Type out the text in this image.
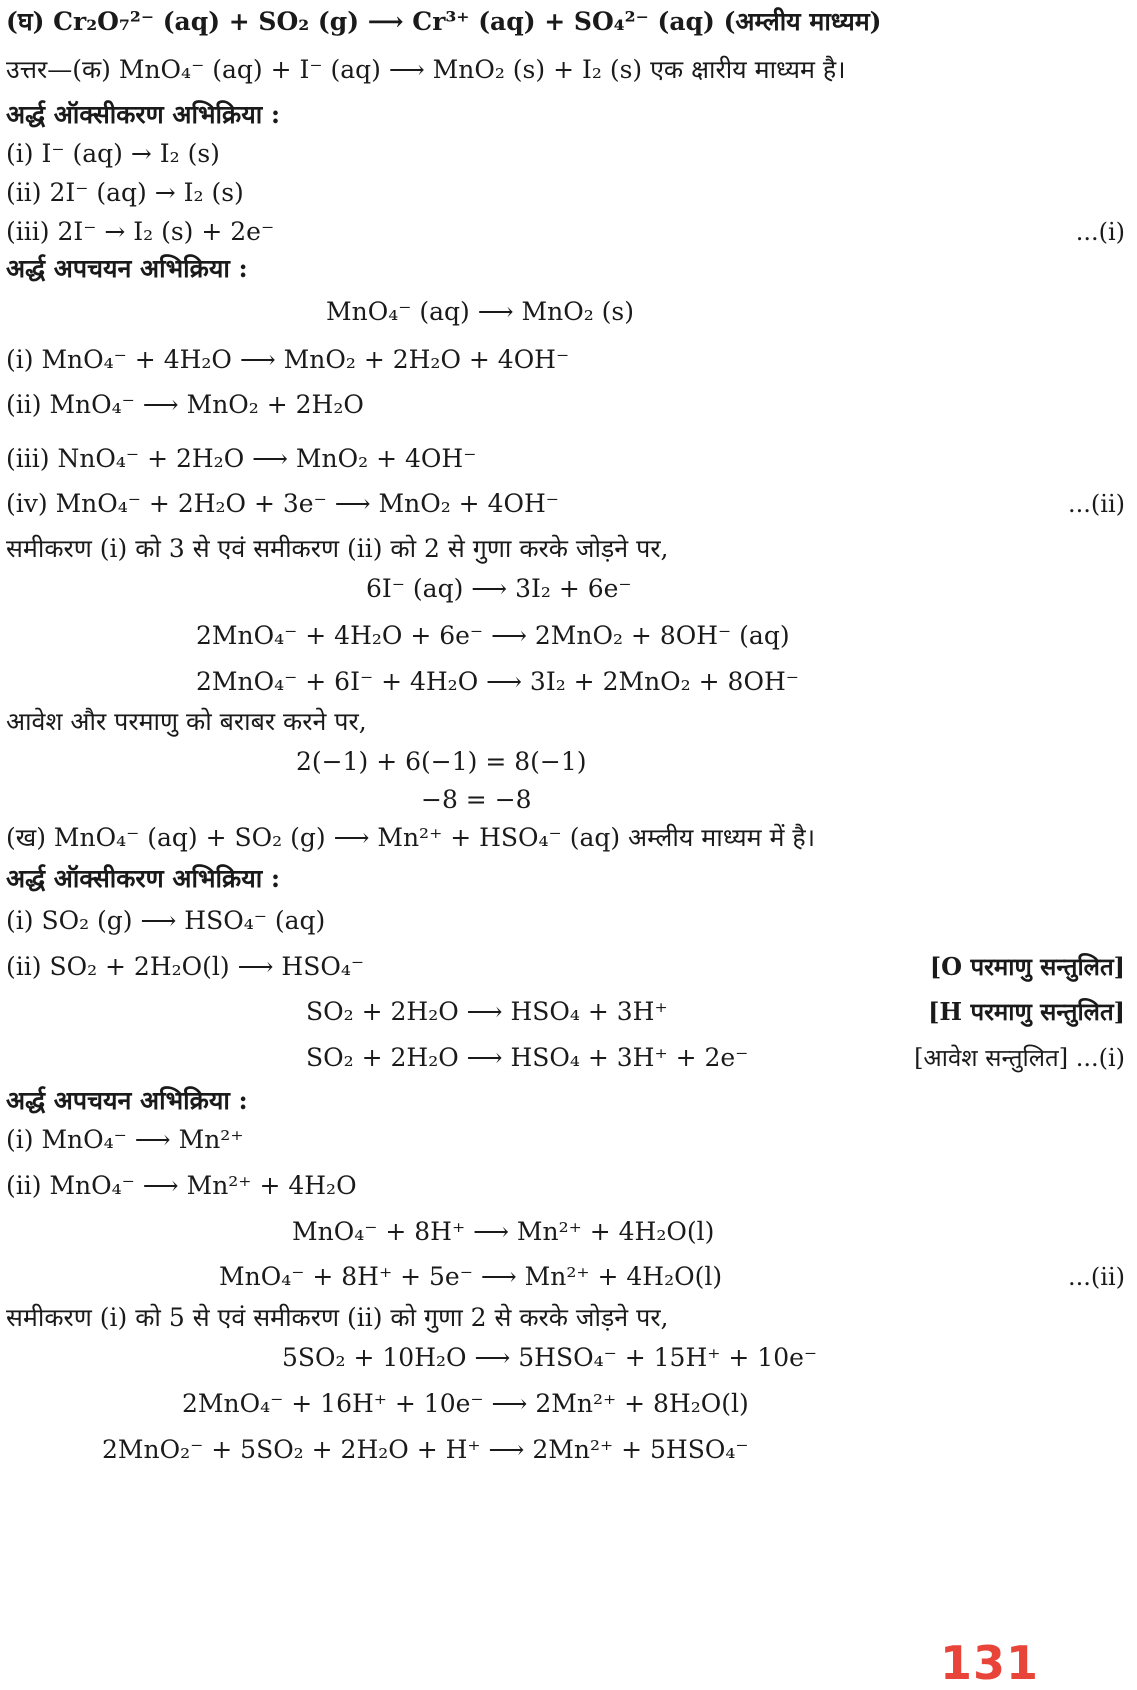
(घ) Cr₂O₇²⁻ (aq) + SO₂ (g) ⟶ Cr³⁺ (aq) + SO₄²⁻ (aq) (अम्लीय माध्यम)
उत्तर—(क) MnO₄⁻ (aq) + I⁻ (aq) ⟶ MnO₂ (s) + I₂ (s) एक क्षारीय माध्यम है।
अर्द्ध ऑक्सीकरण अभिक्रिया :
(i) I⁻ (aq) → I₂ (s)
(ii) 2I⁻ (aq) → I₂ (s)
(iii) 2I⁻ → I₂ (s) + 2e⁻	...(i)
अर्द्ध अपचयन अभिक्रिया :
MnO₄⁻ (aq) ⟶ MnO₂ (s)
(i) MnO₄⁻ + 4H₂O ⟶ MnO₂ + 2H₂O + 4OH⁻
(ii) MnO₄⁻ ⟶ MnO₂ + 2H₂O
(iii) NnO₄⁻ + 2H₂O ⟶ MnO₂ + 4OH⁻
(iv) MnO₄⁻ + 2H₂O + 3e⁻ ⟶ MnO₂ + 4OH⁻	...(ii)
समीकरण (i) को 3 से एवं समीकरण (ii) को 2 से गुणा करके जोड़ने पर,
6I⁻ (aq) ⟶ 3I₂ + 6e⁻
2MnO₄⁻ + 4H₂O + 6e⁻ ⟶ 2MnO₂ + 8OH⁻ (aq)
2MnO₄⁻ + 6I⁻ + 4H₂O ⟶ 3I₂ + 2MnO₂ + 8OH⁻
आवेश और परमाणु को बराबर करने पर,
2(−1) + 6(−1) = 8(−1)
−8 = −8
(ख) MnO₄⁻ (aq) + SO₂ (g) ⟶ Mn²⁺ + HSO₄⁻ (aq) अम्लीय माध्यम में है।
अर्द्ध ऑक्सीकरण अभिक्रिया :
(i) SO₂ (g) ⟶ HSO₄⁻ (aq)
(ii) SO₂ + 2H₂O(l) ⟶ HSO₄⁻	[O परमाणु सन्तुलित]
SO₂ + 2H₂O ⟶ HSO₄ + 3H⁺	[H परमाणु सन्तुलित]
SO₂ + 2H₂O ⟶ HSO₄ + 3H⁺ + 2e⁻	[आवेश सन्तुलित] ...(i)
अर्द्ध अपचयन अभिक्रिया :
(i) MnO₄⁻ ⟶ Mn²⁺
(ii) MnO₄⁻ ⟶ Mn²⁺ + 4H₂O
MnO₄⁻ + 8H⁺ ⟶ Mn²⁺ + 4H₂O(l)
MnO₄⁻ + 8H⁺ + 5e⁻ ⟶ Mn²⁺ + 4H₂O(l)	...(ii)
समीकरण (i) को 5 से एवं समीकरण (ii) को गुणा 2 से करके जोड़ने पर,
5SO₂ + 10H₂O ⟶ 5HSO₄⁻ + 15H⁺ + 10e⁻
2MnO₄⁻ + 16H⁺ + 10e⁻ ⟶ 2Mn²⁺ + 8H₂O(l)
2MnO₂⁻ + 5SO₂ + 2H₂O + H⁺ ⟶ 2Mn²⁺ + 5HSO₄⁻
131
